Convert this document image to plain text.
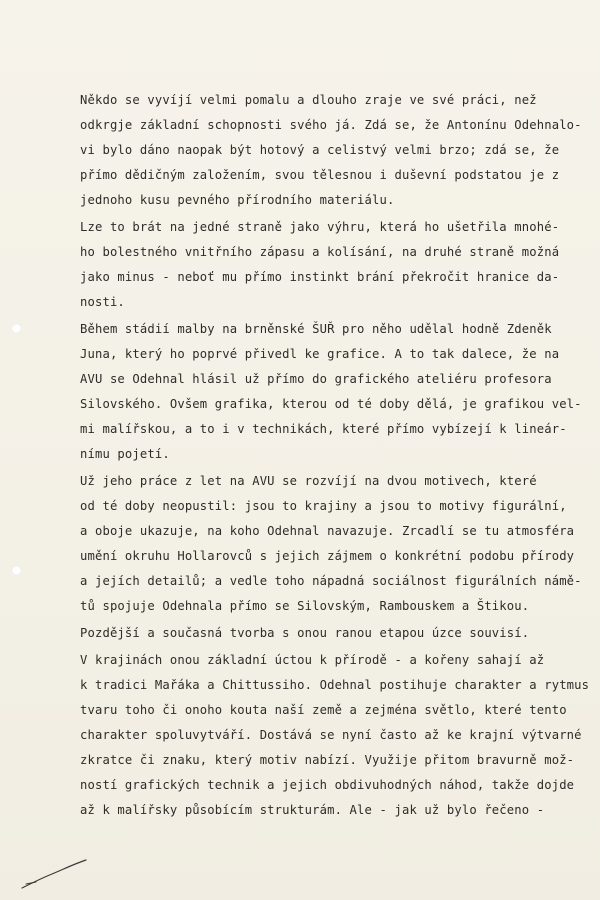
Někdo se vyvíjí velmi pomalu a dlouho zraje ve své práci, než
odkrgje základní schopnosti svého já. Zdá se, že Antonínu Odehnalo-
vi bylo dáno naopak být hotový a celistvý velmi brzo; zdá se, že
přímo dědičným založením, svou tělesnou i duševní podstatou je z
jednoho kusu pevného přírodního materiálu.
Lze to brát na jedné straně jako výhru, která ho ušetřila mnohé-
ho bolestného vnitřního zápasu a kolísání, na druhé straně možná
jako minus - neboť mu přímo instinkt brání překročit hranice da-
nosti.
Během stádií malby na brněnské ŠUŘ pro něho udělal hodně Zdeněk
Juna, který ho poprvé přivedl ke grafice. A to tak dalece, že na
AVU se Odehnal hlásil už přímo do grafického ateliéru profesora
Silovského. Ovšem grafika, kterou od té doby dělá, je grafikou vel-
mi malířskou, a to i v technikách, které přímo vybízejí k lineár-
nímu pojetí.
Už jeho práce z let na AVU se rozvíjí na dvou motivech, které
od té doby neopustil: jsou to krajiny a jsou to motivy figurální,
a obojе ukazuje, na koho Odehnal navazuje. Zrcadlí se tu atmosféra
umění okruhu Hollarovců s jejich zájmem o konkrétní podobu přírody
a jejích detailů; a vedle toho nápadná sociálnost figurálních námě-
tů spojuje Odehnala přímo se Silovským, Rambouskem a Štikou.
Pozdější a současná tvorba s onou ranou etapou úzce souvisí.
V krajinách onou základní úctou k přírodě - a kořeny sahají až
k tradici Mařáka a Chittussiho. Odehnal postihuje charakter a rytmus
tvaru toho či onoho kouta naší země a zejména světlo, které tento
charakter spoluvytváří. Dostává se nyní často až ke krajní výtvarné
zkratce či znaku, který motiv nabízí. Využije přitom bravurně mož-
ností grafických technik a jejich obdivuhodných náhod, takže dojde
až k malířsky působícím strukturám. Ale - jak už bylo řečeno -
